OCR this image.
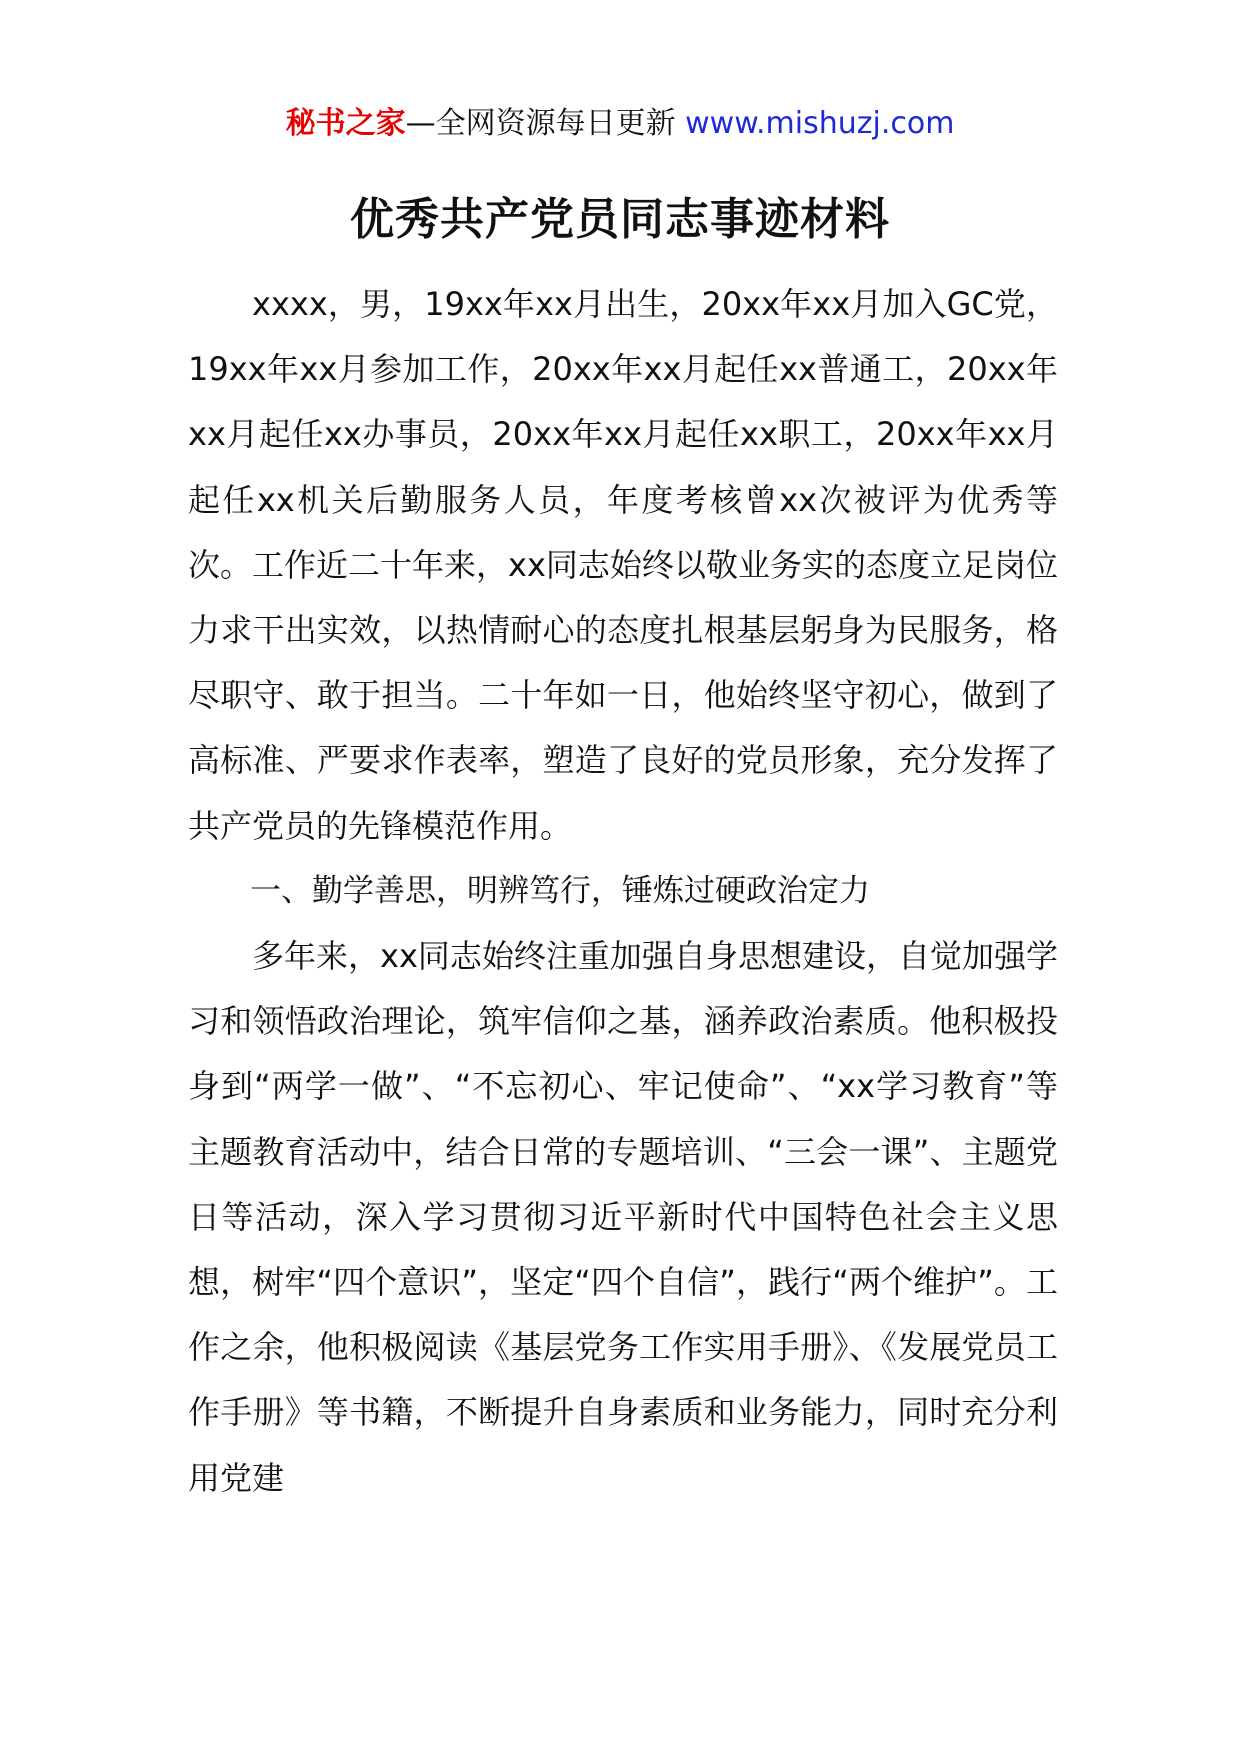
秘书之家—全网资源每日更新 www.mishuzj.com
优秀共产党员同志事迹材料

xxxx，男，19xx年xx月出生，20xx年xx月加入GC党，19xx年xx月参加工作，20xx年xx月起任xx普通工，20xx年xx月起任xx办事员，20xx年xx月起任xx职工，20xx年xx月起任xx机关后勤服务人员，年度考核曾xx次被评为优秀等次。工作近二十年来，xx同志始终以敬业务实的态度立足岗位力求干出实效，以热情耐心的态度扎根基层躬身为民服务，格尽职守、敢于担当。二十年如一日，他始终坚守初心，做到了高标准、严要求作表率，塑造了良好的党员形象，充分发挥了共产党员的先锋模范作用。

一、勤学善思，明辨笃行，锤炼过硬政治定力

多年来，xx同志始终注重加强自身思想建设，自觉加强学习和领悟政治理论，筑牢信仰之基，涵养政治素质。他积极投身到“两学一做”、“不忘初心、牢记使命”、“xx学习教育”等主题教育活动中，结合日常的专题培训、“三会一课”、主题党日等活动，深入学习贯彻习近平新时代中国特色社会主义思想，树牢“四个意识”，坚定“四个自信”，践行“两个维护”。工作之余，他积极阅读《基层党务工作实用手册》、《发展党员工作手册》等书籍，不断提升自身素质和业务能力，同时充分利用党建
